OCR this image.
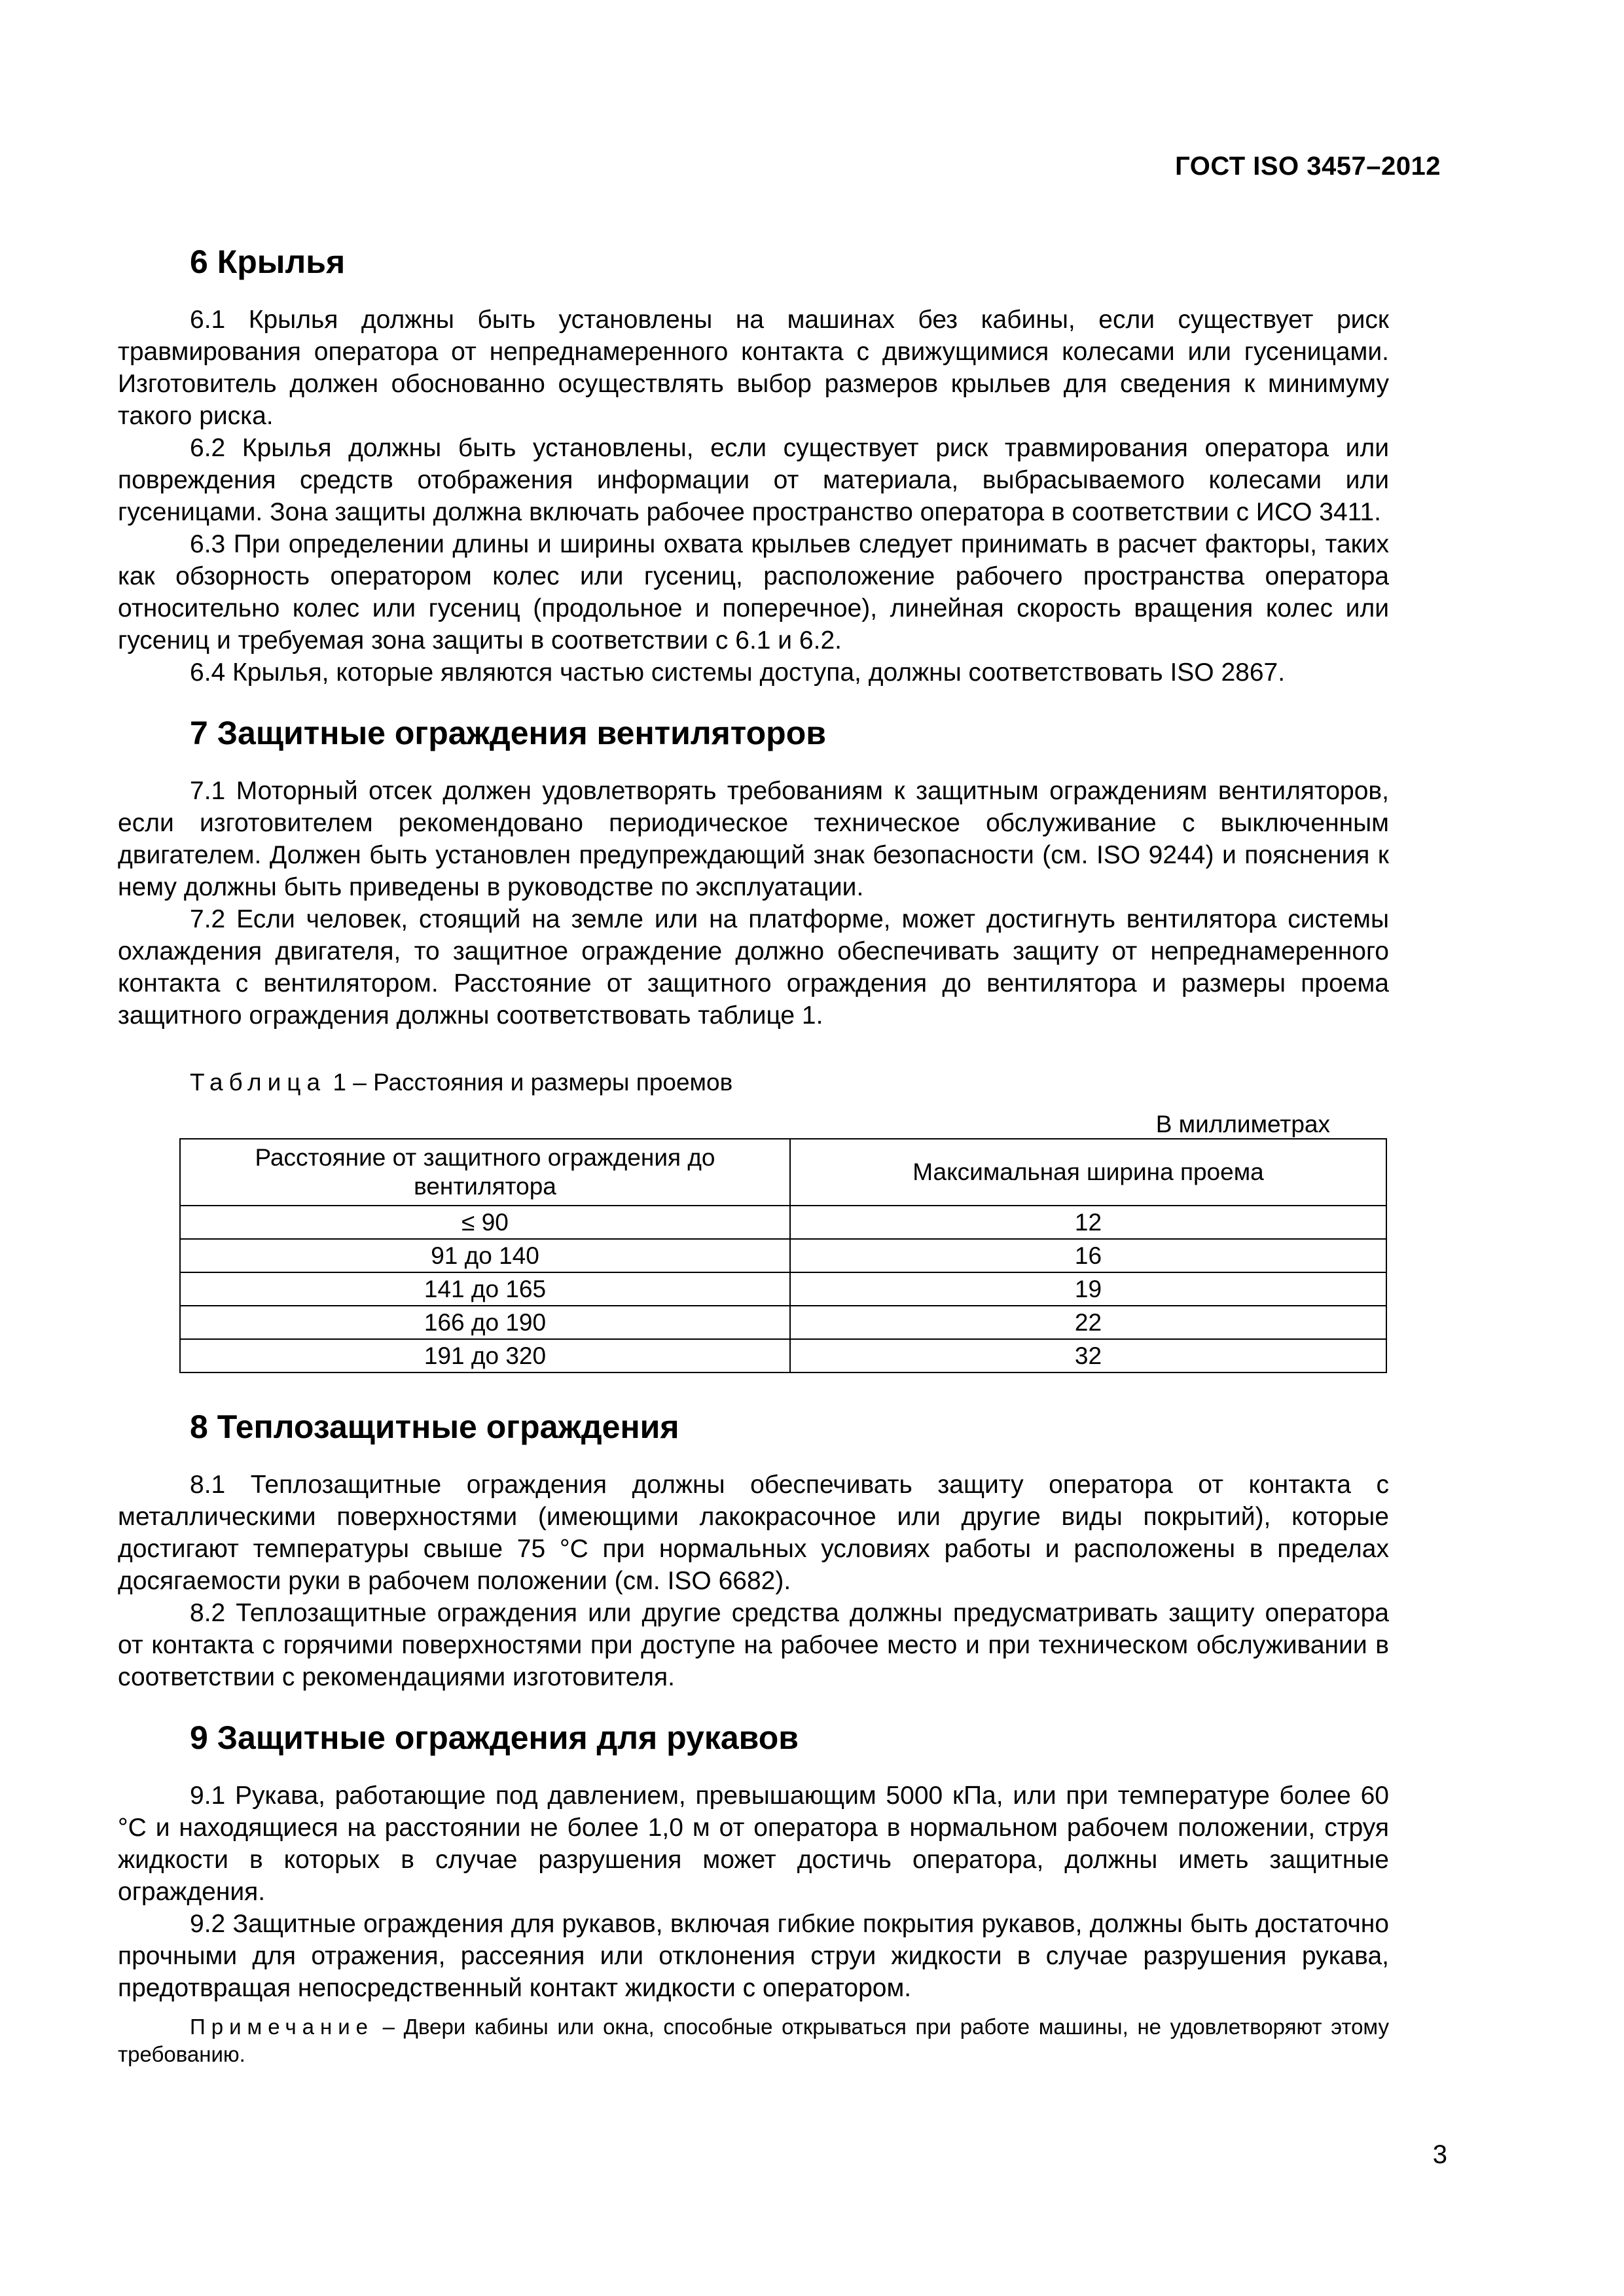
ГОСТ ISO 3457–2012
6 Крылья

6.1 Крылья должны быть установлены на машинах без кабины, если существует риск травмирования оператора от непреднамеренного контакта с движущимися колесами или гусеницами. Изготовитель должен обоснованно осуществлять выбор размеров крыльев для сведения к минимуму такого риска.

6.2 Крылья должны быть установлены, если существует риск травмирования оператора или повреждения средств отображения информации от материала, выбрасываемого колесами или гусеницами. Зона защиты должна включать рабочее пространство оператора в соответствии с ИСО 3411.

6.3 При определении длины и ширины охвата крыльев следует принимать в расчет факторы, таких как обзорность оператором колес или гусениц, расположение рабочего пространства оператора относительно колес или гусениц (продольное и поперечное), линейная скорость вращения колес или гусениц и требуемая зона защиты в соответствии с 6.1 и 6.2.

6.4 Крылья, которые являются частью системы доступа, должны соответствовать ISO 2867.

7 Защитные ограждения вентиляторов

7.1 Моторный отсек должен удовлетворять требованиям к защитным ограждениям вентиляторов, если изготовителем рекомендовано периодическое техническое обслуживание с выключенным двигателем. Должен быть установлен предупреждающий знак безопасности (см. ISO 9244) и пояснения к нему должны быть приведены в руководстве по эксплуатации.

7.2 Если человек, стоящий на земле или на платформе, может достигнуть вентилятора системы охлаждения двигателя, то защитное ограждение должно обеспечивать защиту от непреднамеренного контакта с вентилятором. Расстояние от защитного ограждения до вентилятора и размеры проема защитного ограждения должны соответствовать таблице 1.

Таблица 1 – Расстояния и размеры проемов
В миллиметрах
Расстояние от защитного ограждения до вентилятора	Максимальная ширина проема
≤ 90	12
91 до 140	16
141 до 165	19
166 до 190	22
191 до 320	32
8 Теплозащитные ограждения

8.1 Теплозащитные ограждения должны обеспечивать защиту оператора от контакта с металлическими поверхностями (имеющими лакокрасочное или другие виды покрытий), которые достигают температуры свыше 75 °С при нормальных условиях работы и расположены в пределах досягаемости руки в рабочем положении (см. ISO 6682).

8.2 Теплозащитные ограждения или другие средства должны предусматривать защиту оператора от контакта с горячими поверхностями при доступе на рабочее место и при техническом обслуживании в соответствии с рекомендациями изготовителя.

9 Защитные ограждения для рукавов

9.1 Рукава, работающие под давлением, превышающим 5000 кПа, или при температуре более 60 °С и находящиеся на расстоянии не более 1,0 м от оператора в нормальном рабочем положении, струя жидкости в которых в случае разрушения может достичь оператора, должны иметь защитные ограждения.

9.2 Защитные ограждения для рукавов, включая гибкие покрытия рукавов, должны быть достаточно прочными для отражения, рассеяния или отклонения струи жидкости в случае разрушения рукава, предотвращая непосредственный контакт жидкости с оператором.

Примечание – Двери кабины или окна, способные открываться при работе машины, не удовлетворяют этому требованию.

3
